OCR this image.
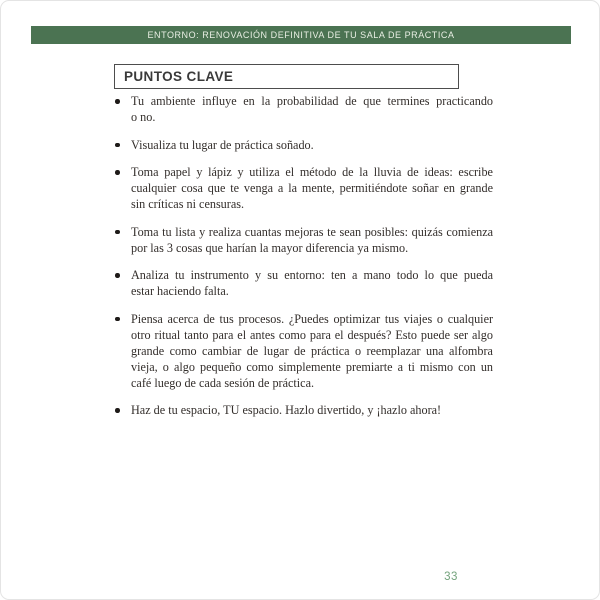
ENTORNO: RENOVACIÓN DEFINITIVA DE TU SALA DE PRÁCTICA
PUNTOS CLAVE
Tu ambiente influye en la probabilidad de que termines practicando
o no.
Visualiza tu lugar de práctica soñado.
Toma papel y lápiz y utiliza el método de la lluvia de ideas: escribe
cualquier cosa que te venga a la mente, permitiéndote soñar en grande
sin críticas ni censuras.
Toma tu lista y realiza cuantas mejoras te sean posibles: quizás comienza
por las 3 cosas que harían la mayor diferencia ya mismo.
Analiza tu instrumento y su entorno: ten a mano todo lo que pueda
estar haciendo falta.
Piensa acerca de tus procesos. ¿Puedes optimizar tus viajes o cualquier
otro ritual tanto para el antes como para el después? Esto puede ser algo
grande como cambiar de lugar de práctica o reemplazar una alfombra
vieja, o algo pequeño como simplemente premiarte a ti mismo con un
café luego de cada sesión de práctica.
Haz de tu espacio, TU espacio. Hazlo divertido, y ¡hazlo ahora!
33
